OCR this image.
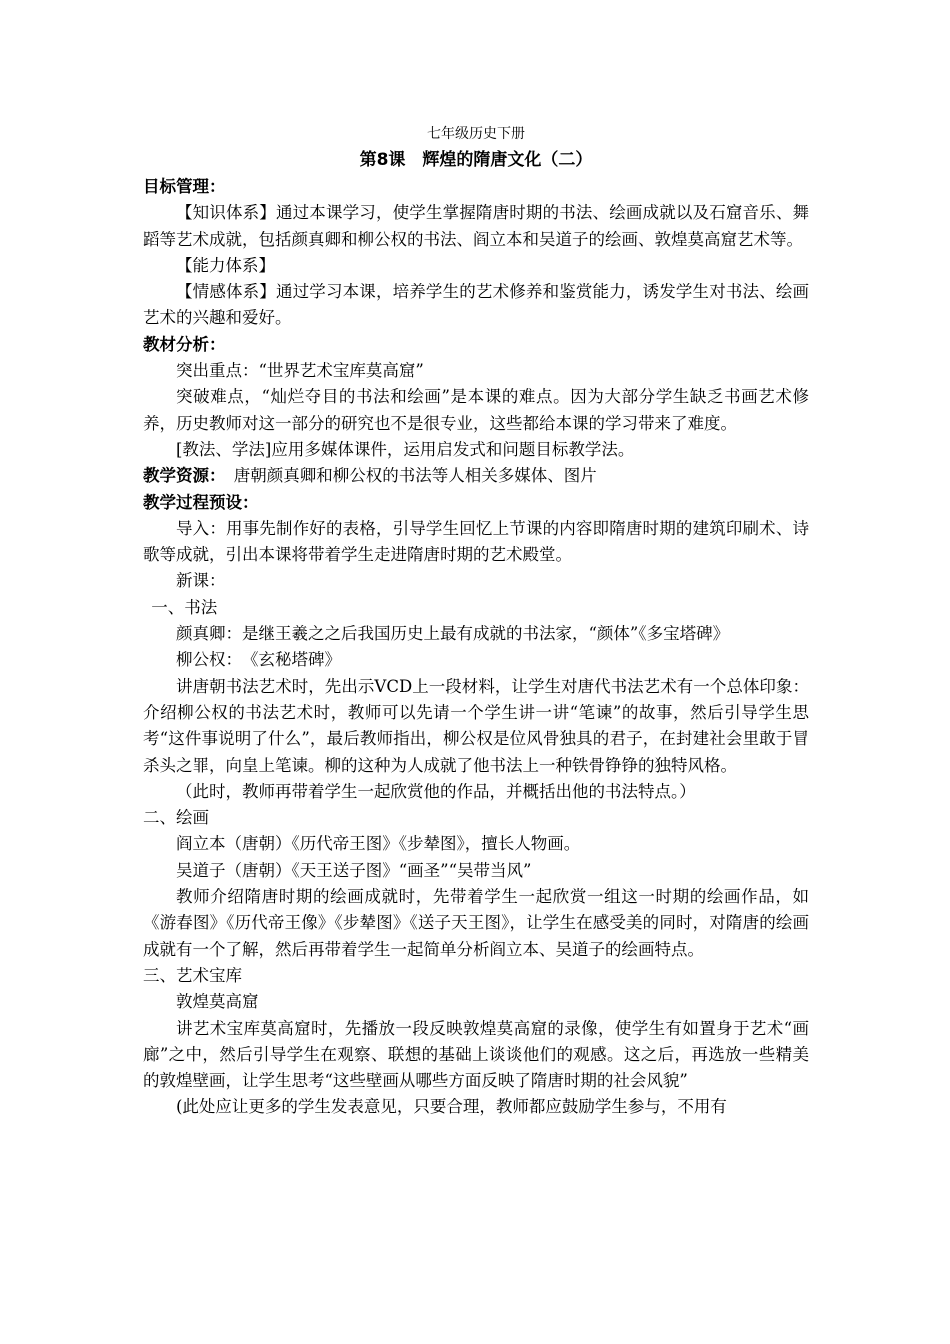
七年级历史下册
第8课　辉煌的隋唐文化（二）
目标管理：

【知识体系】通过本课学习，使学生掌握隋唐时期的书法、绘画成就以及石窟音乐、舞蹈等艺术成就，包括颜真卿和柳公权的书法、阎立本和吴道子的绘画、敦煌莫高窟艺术等。

【能力体系】

【情感体系】通过学习本课，培养学生的艺术修养和鉴赏能力，诱发学生对书法、绘画艺术的兴趣和爱好。

教材分析：

突出重点：“世界艺术宝库莫高窟”

突破难点，“灿烂夺目的书法和绘画”是本课的难点。因为大部分学生缺乏书画艺术修养，历史教师对这一部分的研究也不是很专业，这些都给本课的学习带来了难度。

[教法、学法]应用多媒体课件，运用启发式和问题目标教学法。

教学资源：　唐朝颜真卿和柳公权的书法等人相关多媒体、图片
教学过程预设：

导入：用事先制作好的表格，引导学生回忆上节课的内容即隋唐时期的建筑印刷术、诗歌等成就，引出本课将带着学生走进隋唐时期的艺术殿堂。

新课：

一、书法

颜真卿：是继王羲之之后我国历史上最有成就的书法家，“颜体”《多宝塔碑》

柳公权：　《玄秘塔碑》

讲唐朝书法艺术时，先出示VCD上一段材料，让学生对唐代书法艺术有一个总体印象：介绍柳公权的书法艺术时，教师可以先请一个学生讲一讲“笔谏”的故事，然后引导学生思考“这件事说明了什么”，最后教师指出，柳公权是位风骨独具的君子，在封建社会里敢于冒杀头之罪，向皇上笔谏。柳的这种为人成就了他书法上一种铁骨铮铮的独特风格。

（此时，教师再带着学生一起欣赏他的作品，并概括出他的书法特点。）

二、绘画

阎立本（唐朝）《历代帝王图》《步辇图》，擅长人物画。

吴道子（唐朝）《天王送子图》“画圣”“吴带当风”

教师介绍隋唐时期的绘画成就时，先带着学生一起欣赏一组这一时期的绘画作品，如《游春图》《历代帝王像》《步辇图》《送子天王图》，让学生在感受美的同时，对隋唐的绘画成就有一个了解，然后再带着学生一起简单分析阎立本、吴道子的绘画特点。

三、艺术宝库

敦煌莫高窟

讲艺术宝库莫高窟时，先播放一段反映敦煌莫高窟的录像，使学生有如置身于艺术“画廊”之中，然后引导学生在观察、联想的基础上谈谈他们的观感。这之后，再选放一些精美的敦煌壁画，让学生思考“这些壁画从哪些方面反映了隋唐时期的社会风貌”

(此处应让更多的学生发表意见，只要合理，教师都应鼓励学生参与，不用有
